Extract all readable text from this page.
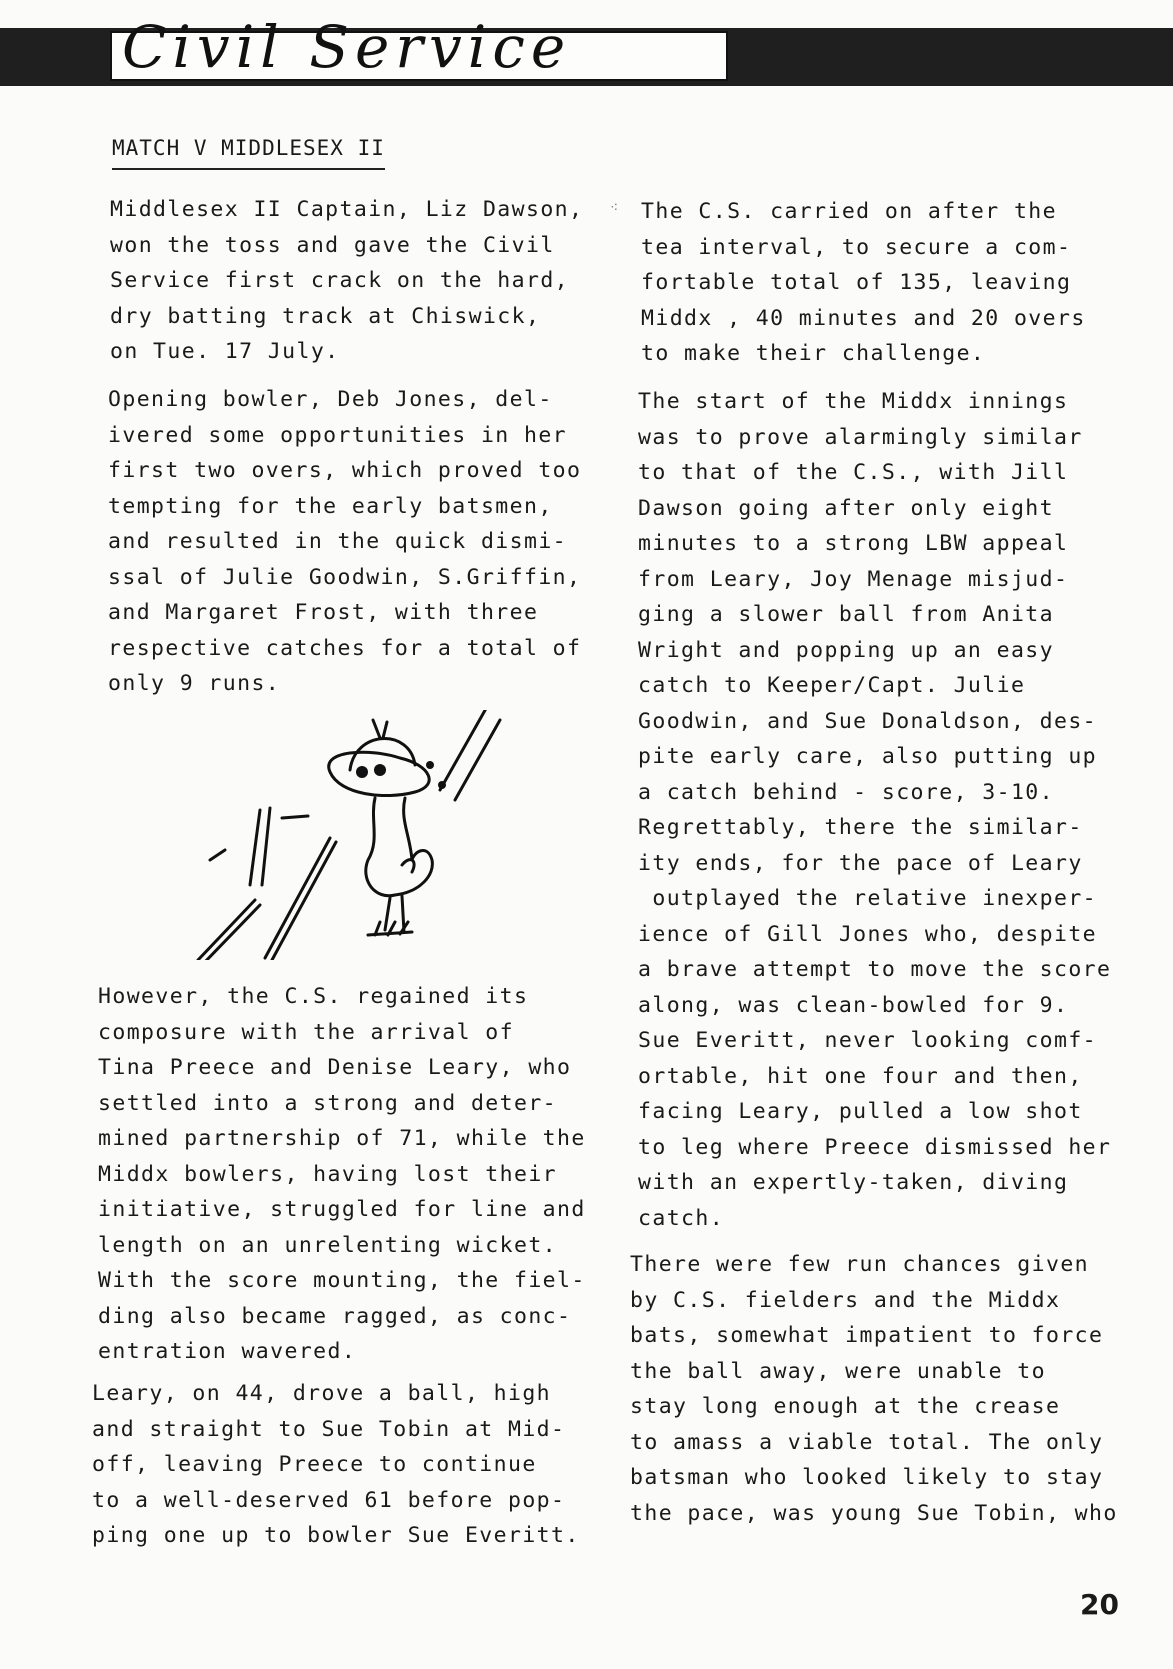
Civil Service
MATCH V MIDDLESEX II
Middlesex II Captain, Liz Dawson,
won the toss and gave the Civil
Service first crack on the hard,
dry batting track at Chiswick,
on Tue. 17 July.
Opening bowler, Deb Jones, del-
ivered some opportunities in her
first two overs, which proved too
tempting for the early batsmen,
and resulted in the quick dismi-
ssal of Julie Goodwin, S.Griffin,
and Margaret Frost, with three
respective catches for a total of
only 9 runs.
However, the C.S. regained its
composure with the arrival of
Tina Preece and Denise Leary, who
settled into a strong and deter-
mined partnership of 71, while the
Middx bowlers, having lost their
initiative, struggled for line and
length on an unrelenting wicket.
With the score mounting, the fiel-
ding also became ragged, as conc-
entration wavered.
Leary, on 44, drove a ball, high
and straight to Sue Tobin at Mid-
off, leaving Preece to continue
to a well-deserved 61 before pop-
ping one up to bowler Sue Everitt.
⁖ The C.S. carried on after the
tea interval, to secure a com-
fortable total of 135, leaving
Middx , 40 minutes and 20 overs
to make their challenge.
The start of the Middx innings
was to prove alarmingly similar
to that of the C.S., with Jill
Dawson going after only eight
minutes to a strong LBW appeal
from Leary, Joy Menage misjud-
ging a slower ball from Anita
Wright and popping up an easy
catch to Keeper/Capt. Julie
Goodwin, and Sue Donaldson, des-
pite early care, also putting up
a catch behind - score, 3-10.
Regrettably, there the similar-
ity ends, for the pace of Leary
outplayed the relative inexper-
ience of Gill Jones who, despite
a brave attempt to move the score
along, was clean-bowled for 9.
Sue Everitt, never looking comf-
ortable, hit one four and then,
facing Leary, pulled a low shot
to leg where Preece dismissed her
with an expertly-taken, diving
catch.
There were few run chances given
by C.S. fielders and the Middx
bats, somewhat impatient to force
the ball away, were unable to
stay long enough at the crease
to amass a viable total. The only
batsman who looked likely to stay
the pace, was young Sue Tobin, who
20
